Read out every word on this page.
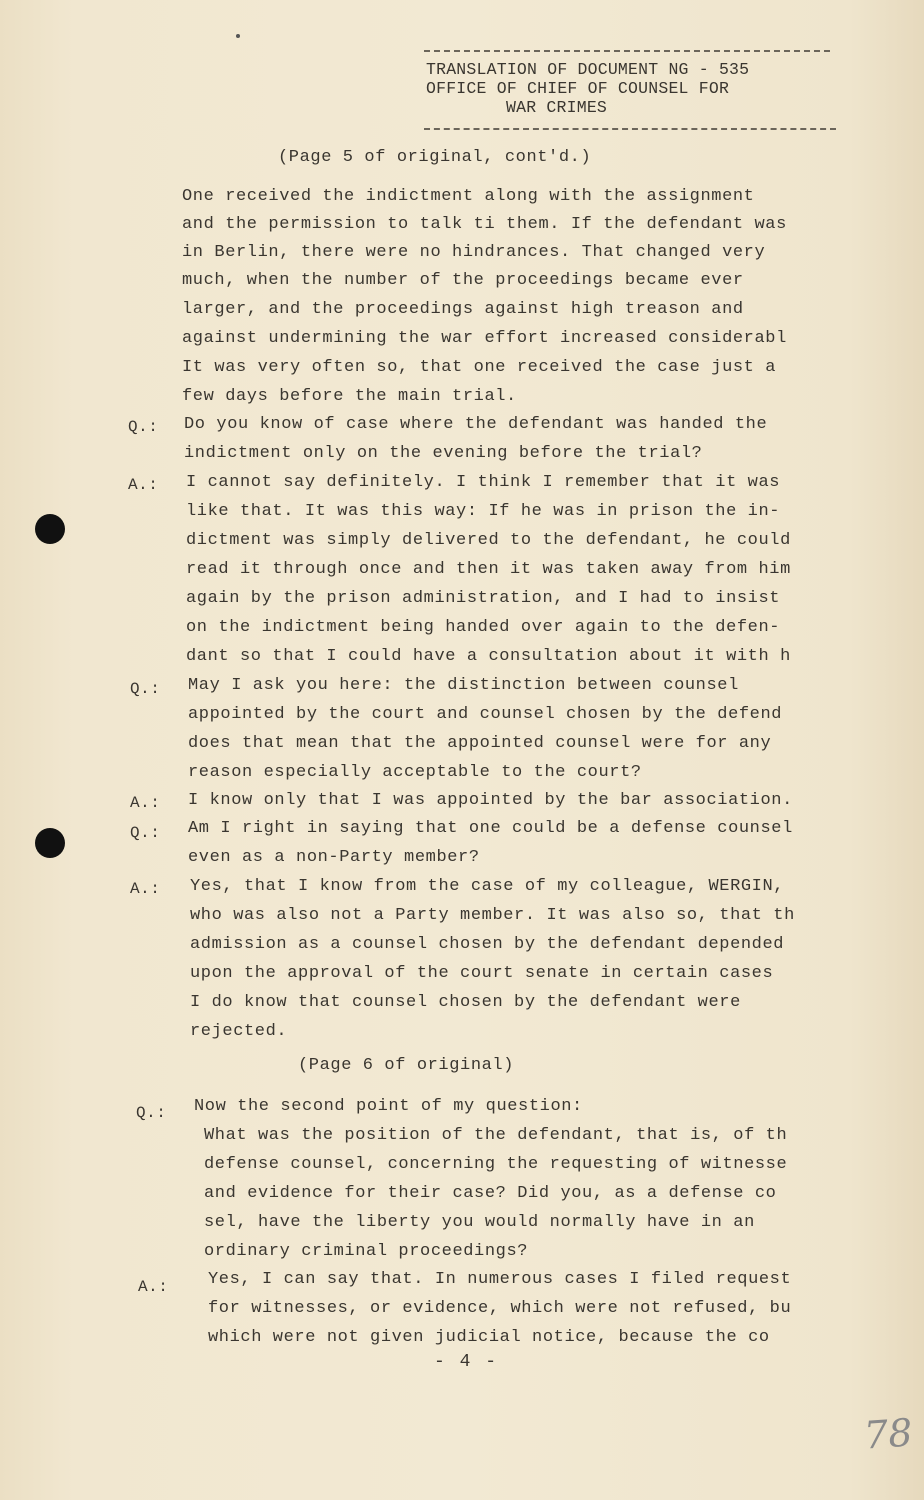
TRANSLATION OF DOCUMENT NG - 535
OFFICE OF CHIEF OF COUNSEL FOR
WAR CRIMES
(Page 5 of original, cont'd.)
One received the indictment along with the assignment
and the permission to talk ti them. If the defendant was
in Berlin, there were no hindrances. That changed very
much, when the number of the proceedings became ever
larger, and the proceedings against high treason and
against undermining the war effort increased considerabl
It was very often so, that one received the case just a
few days before the main trial.
Q.: Do you know of case where the defendant was handed the
indictment only on the evening before the trial?
A.: I cannot say definitely. I think I remember that it was
like that. It was this way: If he was in prison the in-
dictment was simply delivered to the defendant, he could
read it through once and then it was taken away from him
again by the prison administration, and I had to insist
on the indictment being handed over again to the defen-
dant so that I could have a consultation about it with h
Q.: May I ask you here: the distinction between counsel
appointed by the court and counsel chosen by the defend
does that mean that the appointed counsel were for any
reason especially acceptable to the court?
A.: I know only that I was appointed by the bar association.
Q.: Am I right in saying that one could be a defense counsel
even as a non-Party member?
A.: Yes, that I know from the case of my colleague, WERGIN,
who was also not a Party member. It was also so, that th
admission as a counsel chosen by the defendant depended
upon the approval of the court senate in certain cases
I do know that counsel chosen by the defendant were
rejected.
(Page 6 of original)
Q.: Now the second point of my question:
What was the position of the defendant, that is, of th
defense counsel, concerning the requesting of witnesse
and evidence for their case? Did you, as a defense co
sel, have the liberty you would normally have in an
ordinary criminal proceedings?
A.: Yes, I can say that. In numerous cases I filed request
for witnesses, or evidence, which were not refused, bu
which were not given judicial notice, because the co
- 4 -
78
